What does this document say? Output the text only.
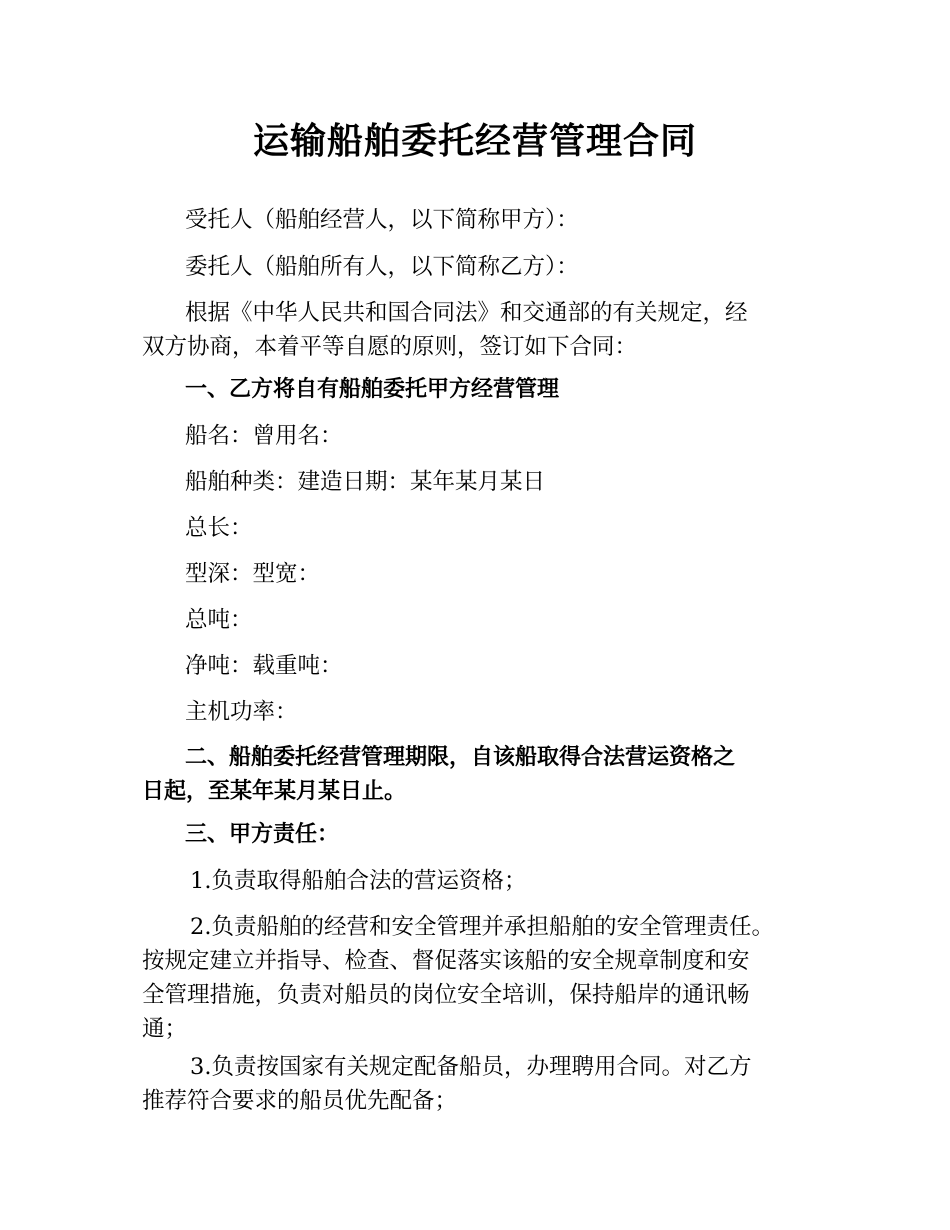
运输船舶委托经营管理合同

受托人（船舶经营人，以下简称甲方）：

委托人（船舶所有人，以下简称乙方）：

根据《中华人民共和国合同法》和交通部的有关规定，经
双方协商，本着平等自愿的原则，签订如下合同：

一、乙方将自有船舶委托甲方经营管理

船名：曾用名：

船舶种类：建造日期：某年某月某日

总长：

型深：型宽：

总吨：

净吨：载重吨：

主机功率：

二、船舶委托经营管理期限，自该船取得合法营运资格之
日起，至某年某月某日止。

三、甲方责任：

1.负责取得船舶合法的营运资格；

2.负责船舶的经营和安全管理并承担船舶的安全管理责任。
按规定建立并指导、检查、督促落实该船的安全规章制度和安
全管理措施，负责对船员的岗位安全培训，保持船岸的通讯畅
通；
3.负责按国家有关规定配备船员，办理聘用合同。对乙方
推荐符合要求的船员优先配备；
